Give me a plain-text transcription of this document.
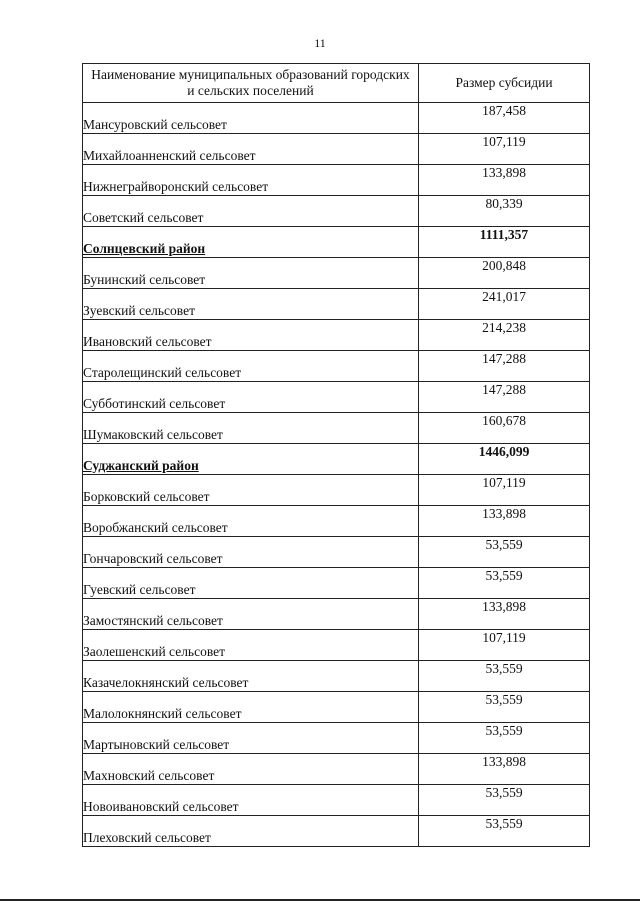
11
Наименование муниципальных образований городских и сельских поселений	Размер субсидии
Мансуровский сельсовет	187,458
Михайлоанненский сельсовет	107,119
Нижнеграйворонский сельсовет	133,898
Советский сельсовет	80,339
Солнцевский район	1111,357
Бунинский сельсовет	200,848
Зуевский сельсовет	241,017
Ивановский сельсовет	214,238
Старолещинский сельсовет	147,288
Субботинский сельсовет	147,288
Шумаковский сельсовет	160,678
Суджанский район	1446,099
Борковский сельсовет	107,119
Воробжанский сельсовет	133,898
Гончаровский сельсовет	53,559
Гуевский сельсовет	53,559
Замостянский сельсовет	133,898
Заолешенский сельсовет	107,119
Казачелокнянский сельсовет	53,559
Малолокнянский сельсовет	53,559
Мартыновский сельсовет	53,559
Махновский сельсовет	133,898
Новоивановский сельсовет	53,559
Плеховский сельсовет	53,559
